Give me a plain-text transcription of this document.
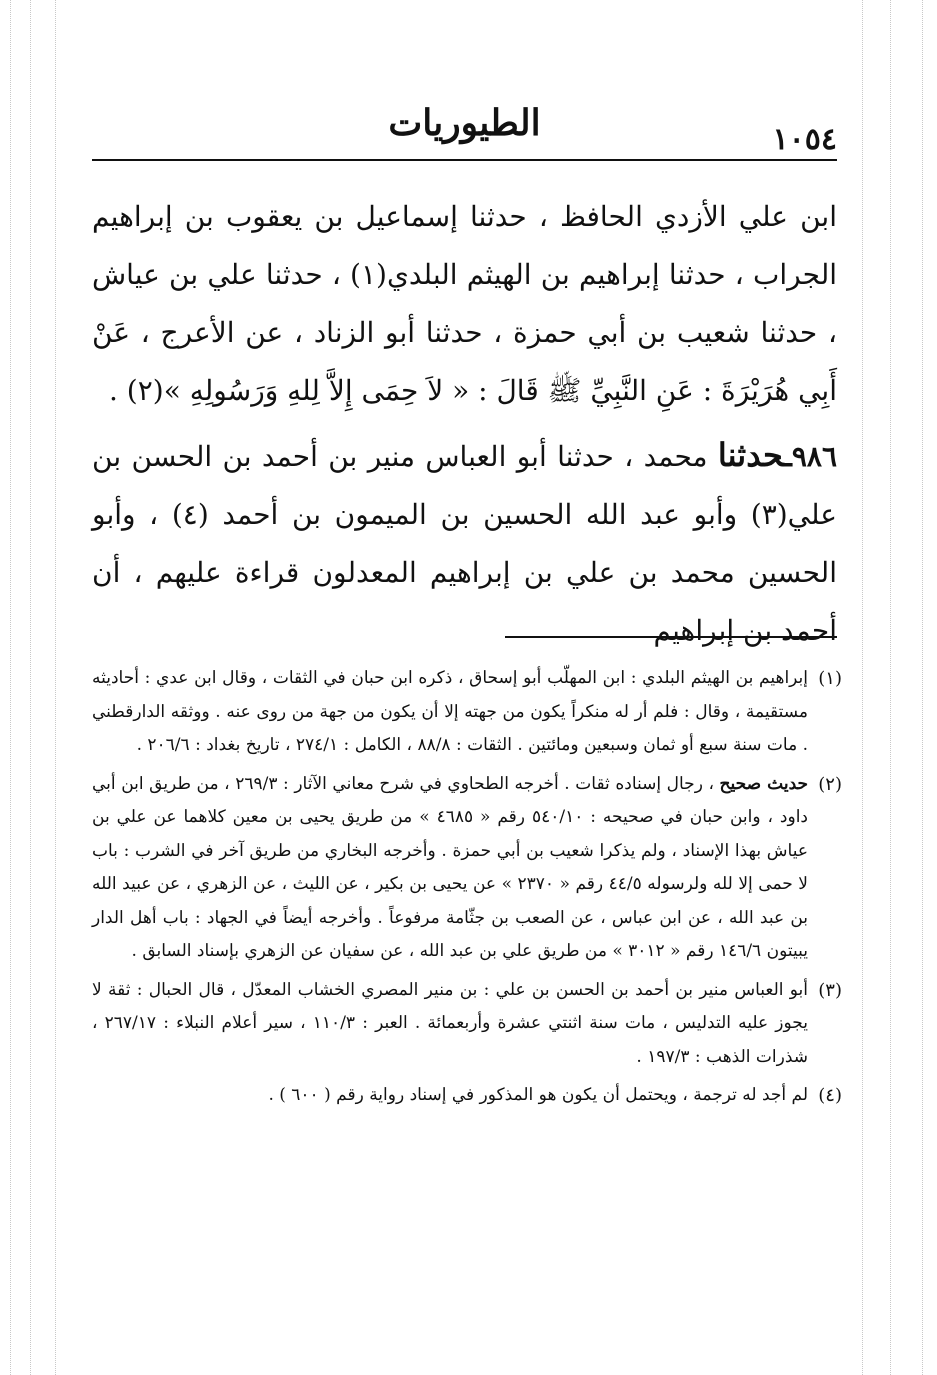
الطيوريات	١٠٥٤

ابن علي الأزدي الحافظ ، حدثنا إسماعيل بن يعقوب بن إبراهيم الجراب ، حدثنا إبراهيم بن الهيثم البلدي(١) ، حدثنا علي بن عياش ، حدثنا شعيب بن أبي حمزة ، حدثنا أبو الزناد ، عن الأعرج ، عَنْ أَبِي هُرَيْرَةَ : عَنِ النَّبِيِّ ﷺ قَالَ : « لاَ حِمَى إِلاَّ لِلهِ وَرَسُولِهِ »(٢) .

٩٨٦ـحدثنا محمد ، حدثنا أبو العباس منير بن أحمد بن الحسن بن علي(٣) وأبو عبد الله الحسين بن الميمون بن أحمد (٤) ، وأبو الحسين محمد بن علي بن إبراهيم المعدلون قراءة عليهم ، أن أحمد بن إبراهيم

(١)
إبراهيم بن الهيثم البلدي : ابن المهلّب أبو إسحاق ، ذكره ابن حبان في الثقات ، وقال ابن عدي : أحاديثه مستقيمة ، وقال : فلم أر له منكراً يكون من جهته إلا أن يكون من جهة من روى عنه . ووثقه الدارقطني . مات سنة سبع أو ثمان وسبعين ومائتين . الثقات : ٨٨/٨ ، الكامل : ٢٧٤/١ ، تاريخ بغداد : ٢٠٦/٦ .
(٢)
حديث صحيح ، رجال إسناده ثقات . أخرجه الطحاوي في شرح معاني الآثار : ٢٦٩/٣ ، من طريق ابن أبي داود ، وابن حبان في صحيحه : ٥٤٠/١٠ رقم « ٤٦٨٥ » من طريق يحيى بن معين كلاهما عن علي بن عياش بهذا الإسناد ، ولم يذكرا شعيب بن أبي حمزة . وأخرجه البخاري من طريق آخر في الشرب : باب لا حمى إلا لله ولرسوله ٤٤/٥ رقم « ٢٣٧٠ » عن يحيى بن بكير ، عن الليث ، عن الزهري ، عن عبيد الله بن عبد الله ، عن ابن عباس ، عن الصعب بن جثّامة مرفوعاً . وأخرجه أيضاً في الجهاد : باب أهل الدار يبيتون ١٤٦/٦ رقم « ٣٠١٢ » من طريق علي بن عبد الله ، عن سفيان عن الزهري بإسناد السابق .
(٣)
أبو العباس منير بن أحمد بن الحسن بن علي : بن منير المصري الخشاب المعدّل ، قال الحبال : ثقة لا يجوز عليه التدليس ، مات سنة اثنتي عشرة وأربعمائة . العبر : ١١٠/٣ ، سير أعلام النبلاء : ٢٦٧/١٧ ، شذرات الذهب : ١٩٧/٣ .
(٤)
لم أجد له ترجمة ، ويحتمل أن يكون هو المذكور في إسناد رواية رقم ( ٦٠٠ ) .
